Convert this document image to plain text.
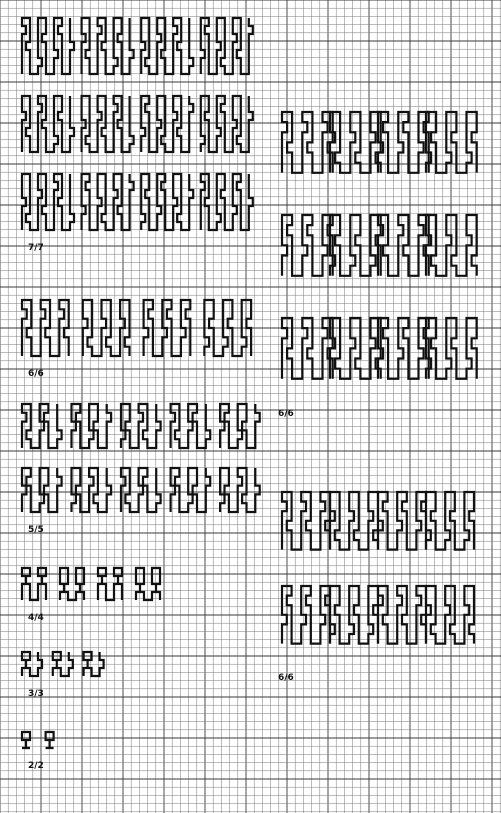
7/7
6/6
5/5
4/4
3/3
2/2
6/6
6/6
